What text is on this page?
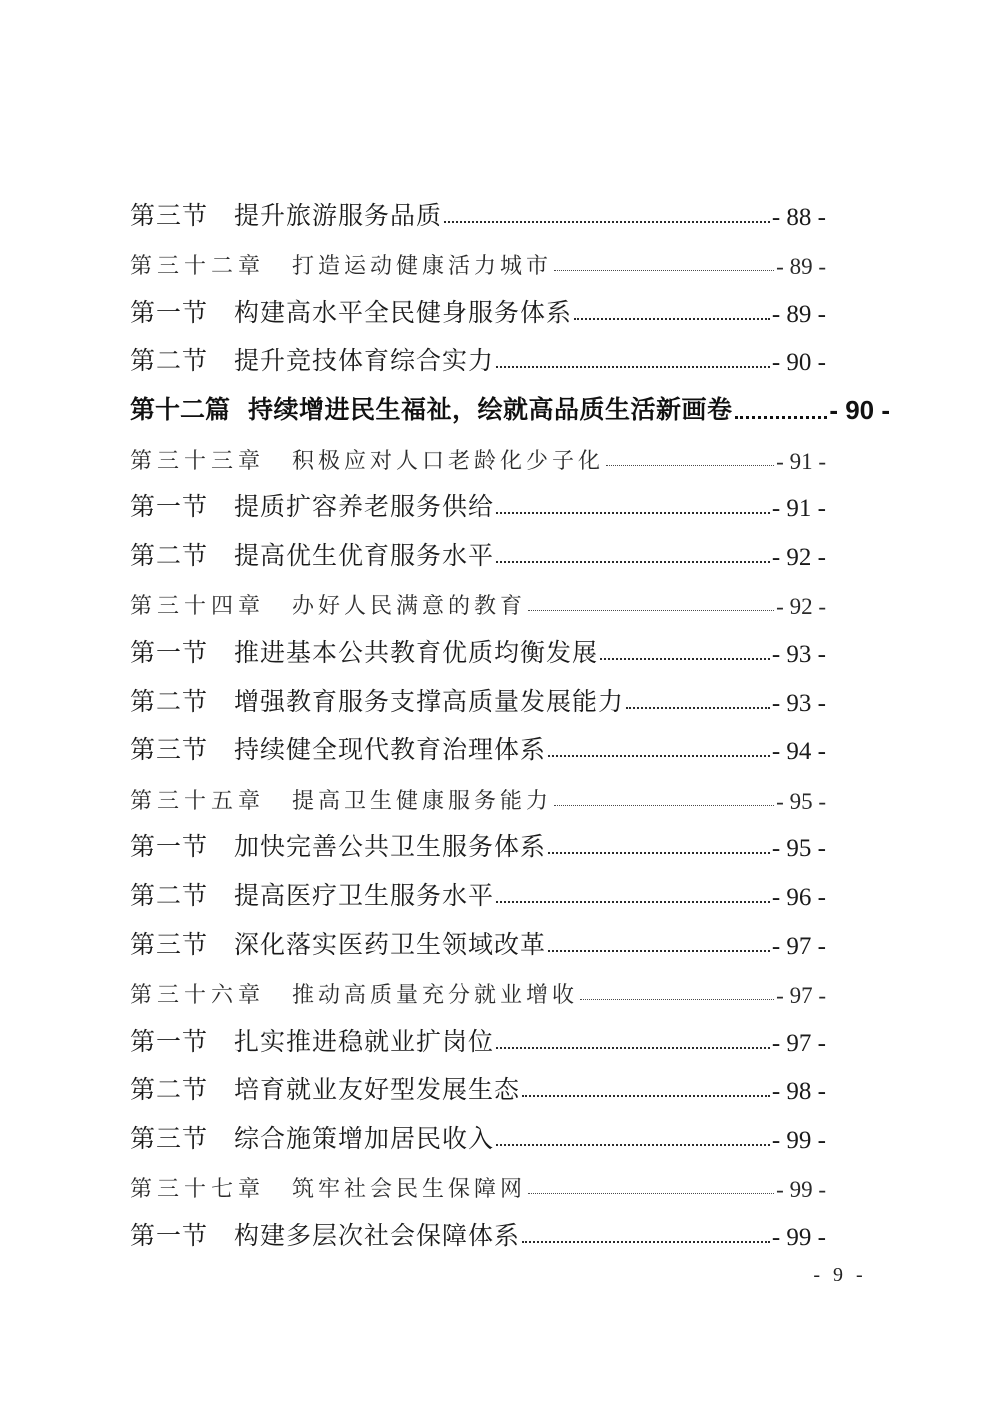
第三节	提升旅游服务品质	- 88 -
第三十二章	打造运动健康活力城市	- 89 -
第一节	构建高水平全民健身服务体系	- 89 -
第二节	提升竞技体育综合实力	- 90 -
第十二篇 持续增进民生福祉，绘就高品质生活新画卷	- 90 -
第三十三章	积极应对人口老龄化少子化	- 91 -
第一节	提质扩容养老服务供给	- 91 -
第二节	提高优生优育服务水平	- 92 -
第三十四章	办好人民满意的教育	- 92 -
第一节	推进基本公共教育优质均衡发展	- 93 -
第二节	增强教育服务支撑高质量发展能力	- 93 -
第三节	持续健全现代教育治理体系	- 94 -
第三十五章	提高卫生健康服务能力	- 95 -
第一节	加快完善公共卫生服务体系	- 95 -
第二节	提高医疗卫生服务水平	- 96 -
第三节	深化落实医药卫生领域改革	- 97 -
第三十六章	推动高质量充分就业增收	- 97 -
第一节	扎实推进稳就业扩岗位	- 97 -
第二节	培育就业友好型发展生态	- 98 -
第三节	综合施策增加居民收入	- 99 -
第三十七章	筑牢社会民生保障网	- 99 -
第一节	构建多层次社会保障体系	- 99 -
- 9 -
